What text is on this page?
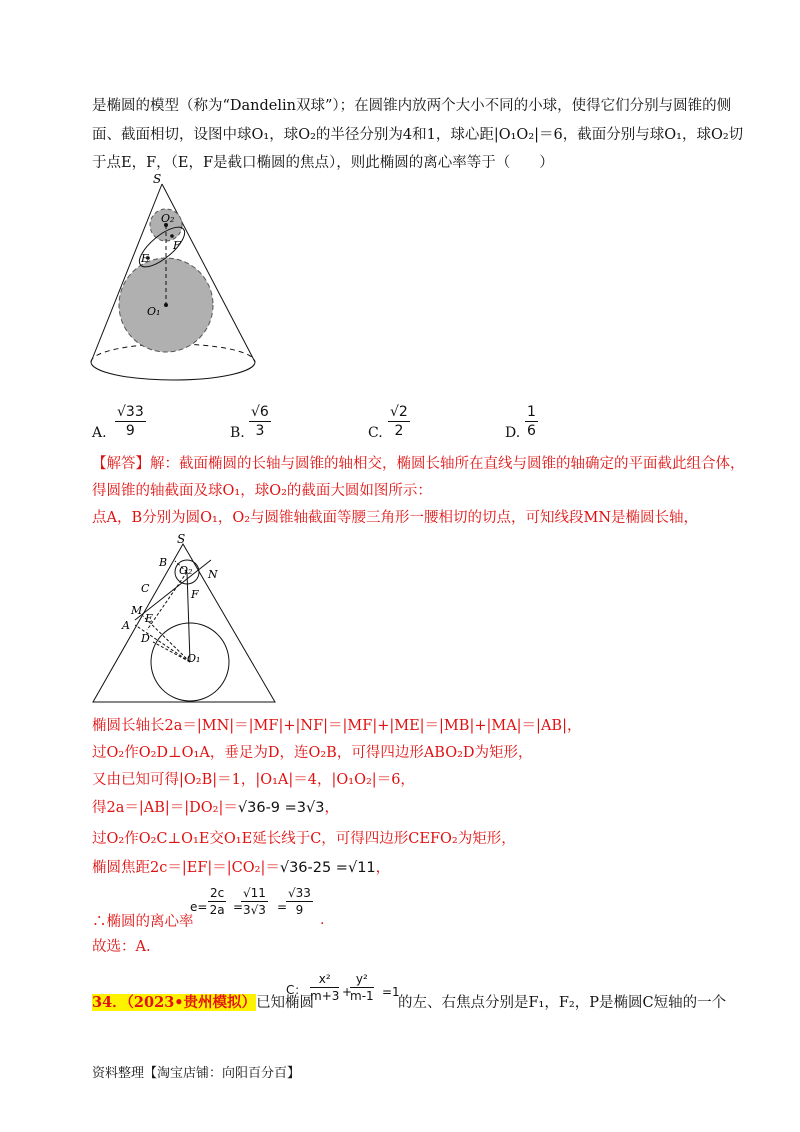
是椭圆的模型（称为“Dandelin双球”）；在圆锥内放两个大小不同的小球，使得它们分别与圆锥的侧
面、截面相切，设图中球O₁，球O₂的半径分别为4和1，球心距|O₁O₂|＝6，截面分别与球O₁，球O₂切
于点E，F，（E，F是截口椭圆的焦点），则此椭圆的离心率等于（　　）
S
O₂
F
E
O₁
A.
√33
9	B.
√6
3	C.
√2
2	D.
1
6
【解答】解：截面椭圆的长轴与圆锥的轴相交，椭圆长轴所在直线与圆锥的轴确定的平面截此组合体，
得圆锥的轴截面及球O₁，球O₂的截面大圆如图所示：
点A，B分别为圆O₁，O₂与圆锥轴截面等腰三角形一腰相切的切点，可知线段MN是椭圆长轴，
S
B
O₂ N
C	F
M
E
A
D
O₁
椭圆长轴长2a＝|MN|＝|MF|+|NF|＝|MF|+|ME|＝|MB|+|MA|＝|AB|，
过O₂作O₂D⊥O₁A，垂足为D，连O₂B，可得四边形ABO₂D为矩形，
又由已知可得|O₂B|＝1，|O₁A|＝4，|O₁O₂|＝6，
得2a＝|AB|＝|DO₂|＝√36-9 =3√3，
过O₂作O₂C⊥O₁E交O₁E延长线于C，可得四边形CEFO₂为矩形，
椭圆焦距2c＝|EF|＝|CO₂|＝√36-25 =√11，
∴椭圆的离心率
e=
2c
2a =
√11
3√3 =
√33
9
.
故选：A.
34．（2023•贵州模拟）已知椭圆
C：
x²
m+3 +
y²
m-1 =1
的左、右焦点分别是F₁，F₂，P是椭圆C短轴的一个
资料整理【淘宝店铺：向阳百分百】
